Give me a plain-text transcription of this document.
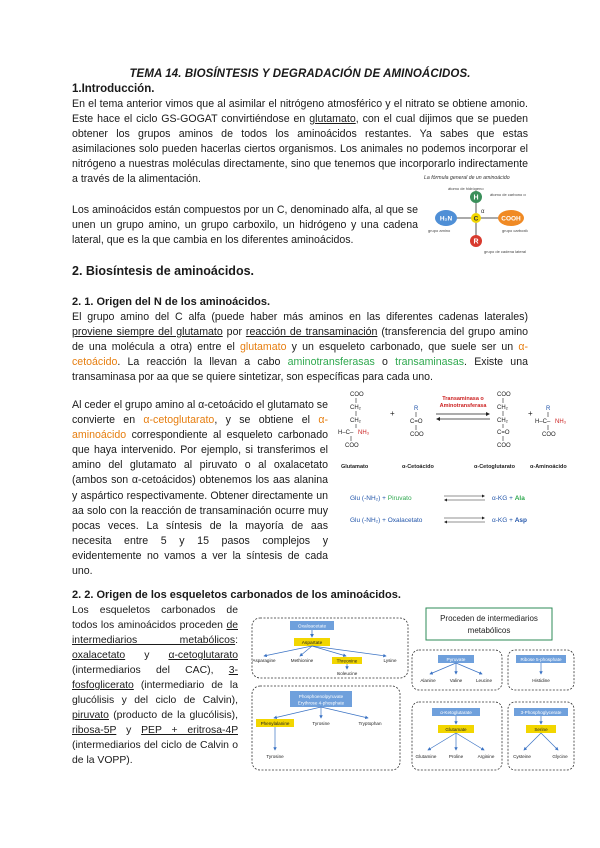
TEMA 14. BIOSÍNTESIS Y DEGRADACIÓN DE AMINOÁCIDOS.
1.Introducción.
En el tema anterior vimos que al asimilar el nitrógeno atmosférico y el nitrato se obtiene amonio. Este hace el ciclo GS-GOGAT convirtiéndose en glutamato, con el cual dijimos que se pueden obtener los grupos aminos de todos los aminoácidos restantes. Ya sabes que estas asimilaciones solo pueden hacerlas ciertos organismos. Los animales no podemos incorporar el nitrógeno a nuestras moléculas directamente, sino que tenemos que incorporarlo indirectamente a través de la alimentación.	La fórmula general de un aminoácido
H
C
α
H₂N	COOH
R
átomo de hidrógeno
átomo de carbono α
grupo amino	grupo carboxilo
grupo de cadena lateral
Los aminoácidos están compuestos por un C, denominado alfa, al que se unen un grupo amino, un grupo carboxilo, un hidrógeno y una cadena lateral, que es la que cambia en los diferentes aminoácidos.
2. Biosíntesis de aminoácidos.
2. 1. Origen del N de los aminoácidos.
El grupo amino del C alfa (puede haber más aminos en las diferentes cadenas laterales) proviene siempre del glutamato por reacción de transaminación (transferencia del grupo amino de una molécula a otra) entre el glutamato y un esqueleto carbonado, que suele ser un α-cetoácido. La reacción la llevan a cabo aminotransferasas o transaminasas. Existe una transaminasa por aa que se quiere sintetizar, son específicas para cada uno.
Al ceder el grupo amino al α-cetoácido el glutamato se convierte en α-cetoglutarato, y se obtiene el α-aminoácido correspondiente al esqueleto carbonado que haya intervenido. Por ejemplo, si transferimos el amino del glutamato al piruvato o al oxalacetato (ambos son α-cetoácidos) obtenemos los aas alanina y aspártico respectivamente. Obtener directamente un aa solo con la reacción de transaminación ocurre muy pocas veces. La síntesis de la mayoría de aas necesita entre 5 y 15 pasos complejos y evidentemente no vamos a ver la síntesis de cada uno.
COO
CH₂
CH₂
H–C– NH₃
COO
Glutamato
+	R
C=O
COO
α-Cetoácido
Transaminasa o
Aminotransferasa
COO
CH₂
CH₂
C=O
COO
α-Cetoglutarato
+ R
H–C– NH₃
COO
α-Aminoácido
Glu (-NH₂) + Piruvato	α-KG + Ala
Glu (-NH₂) + Oxalacetato	α-KG + Asp
2. 2. Origen de los esqueletos carbonados de los aminoácidos.
Los esqueletos carbonados de todos los aminoácidos proceden de intermediarios metabólicos: oxalacetato y α-cetoglutarato (intermediarios del CAC), 3-fosfoglicerato (intermediario de la glucólisis y del ciclo de Calvin), piruvato (producto de la glucólisis), ribosa-5P y PEP + eritrosa-4P (intermediarios del ciclo de Calvin o de la VOPP).
Proceden de intermediarios
metabólicos
Oxaloacetate
Aspartate
Asparagine	Methionine	Threonine	Lysine
Isoleucine
Pyruvate
Alanine	Valine	Leucine
Ribose 5-phosphate
Histidine
Phosphoenolpyruvate
Erythrose 4-phosphate
Phenylalanine	Tyrosine	Tryptophan
Tyrosine
α-Ketoglutarate
Glutamate
Glutamine	Proline	Arginine
3-Phosphoglycerate
Serine
Cysteine	Glycine
